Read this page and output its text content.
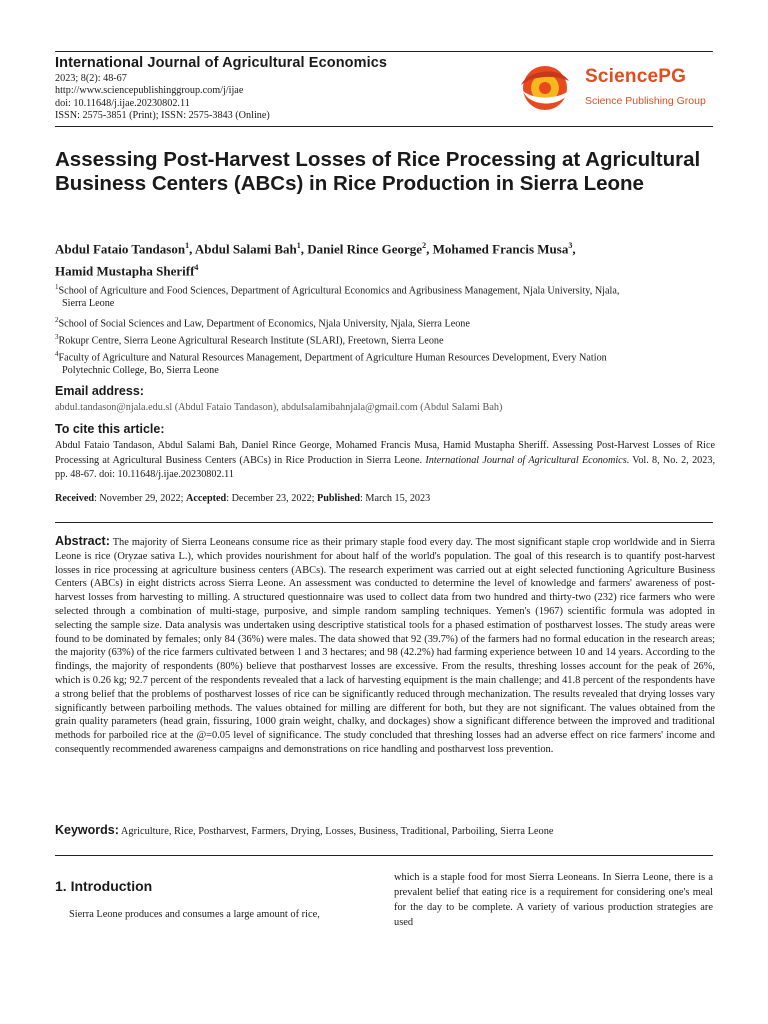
International Journal of Agricultural Economics
2023; 8(2): 48-67
http://www.sciencepublishinggroup.com/j/ijae
doi: 10.11648/j.ijae.20230802.11
ISSN: 2575-3851 (Print); ISSN: 2575-3843 (Online)
SciencePG
Science Publishing Group
Assessing Post-Harvest Losses of Rice Processing at Agricultural Business Centers (ABCs) in Rice Production in Sierra Leone
Abdul Fataio Tandason$^1$, Abdul Salami Bah$^1$, Daniel Rince George$^2$, Mohamed Francis Musa$^3$,
Hamid Mustapha Sheriff$^4$
$^1$School of Agriculture and Food Sciences, Department of Agricultural Economics and Agribusiness Management, Njala University, Njala,
Sierra Leone
$^2$School of Social Sciences and Law, Department of Economics, Njala University, Njala, Sierra Leone
$^3$Rokupr Centre, Sierra Leone Agricultural Research Institute (SLARI), Freetown, Sierra Leone
$^4$Faculty of Agriculture and Natural Resources Management, Department of Agriculture Human Resources Development, Every Nation
Polytechnic College, Bo, Sierra Leone
Email address:
abdul.tandason@njala.edu.sl (Abdul Fataio Tandason), abdulsalamibahnjala@gmail.com (Abdul Salami Bah)
To cite this article:
Abdul Fataio Tandason, Abdul Salami Bah, Daniel Rince George, Mohamed Francis Musa, Hamid Mustapha Sheriff. Assessing Post-Harvest Losses of Rice Processing at Agricultural Business Centers (ABCs) in Rice Production in Sierra Leone. International Journal of Agricultural Economics. Vol. 8, No. 2, 2023, pp. 48-67. doi: 10.11648/j.ijae.20230802.11
Received: November 29, 2022; Accepted: December 23, 2022; Published: March 15, 2023
Abstract: The majority of Sierra Leoneans consume rice as their primary staple food every day. The most significant staple crop worldwide and in Sierra Leone is rice (Oryzae sativa L.), which provides nourishment for about half of the world's population. The goal of this research is to quantify post-harvest losses in rice processing at agriculture business centers (ABCs). The research experiment was carried out at eight selected functioning Agriculture Business Centers (ABCs) in eight districts across Sierra Leone. An assessment was conducted to determine the level of knowledge and farmers' awareness of post-harvest losses from harvesting to milling. A structured questionnaire was used to collect data from two hundred and thirty-two (232) rice farmers who were selected through a combination of multi-stage, purposive, and simple random sampling techniques. Yemen's (1967) scientific formula was adopted in selecting the sample size. Data analysis was undertaken using descriptive statistical tools for a phased estimation of postharvest losses. The study areas were found to be dominated by females; only 84 (36%) were males. The data showed that 92 (39.7%) of the farmers had no formal education in the research areas; the majority (63%) of the rice farmers cultivated between 1 and 3 hectares; and 98 (42.2%) had farming experience between 10 and 14 years. According to the findings, the majority of respondents (80%) believe that postharvest losses are excessive. From the results, threshing losses account for the peak of 26%, which is 0.26 kg; 92.7 percent of the respondents revealed that a lack of harvesting equipment is the main challenge; and 41.8 percent of the respondents have a strong belief that the problems of postharvest losses of rice can be significantly reduced through mechanization. The results revealed that drying losses vary significantly between parboiling methods. The values obtained for milling are different for both, but they are not significant. The values obtained from the grain quality parameters (head grain, fissuring, 1000 grain weight, chalky, and dockages) show a significant difference between the improved and traditional methods for parboiled rice at the @=0.05 level of significance. The study concluded that threshing losses had an adverse effect on rice farmers' income and consequently recommended awareness campaigns and demonstrations on rice handling and postharvest loss prevention.
Keywords: Agriculture, Rice, Postharvest, Farmers, Drying, Losses, Business, Traditional, Parboiling, Sierra Leone
1. Introduction
Sierra Leone produces and consumes a large amount of rice,
which is a staple food for most Sierra Leoneans. In Sierra Leone, there is a prevalent belief that eating rice is a requirement for considering one's meal for the day to be complete. A variety of various production strategies are used
